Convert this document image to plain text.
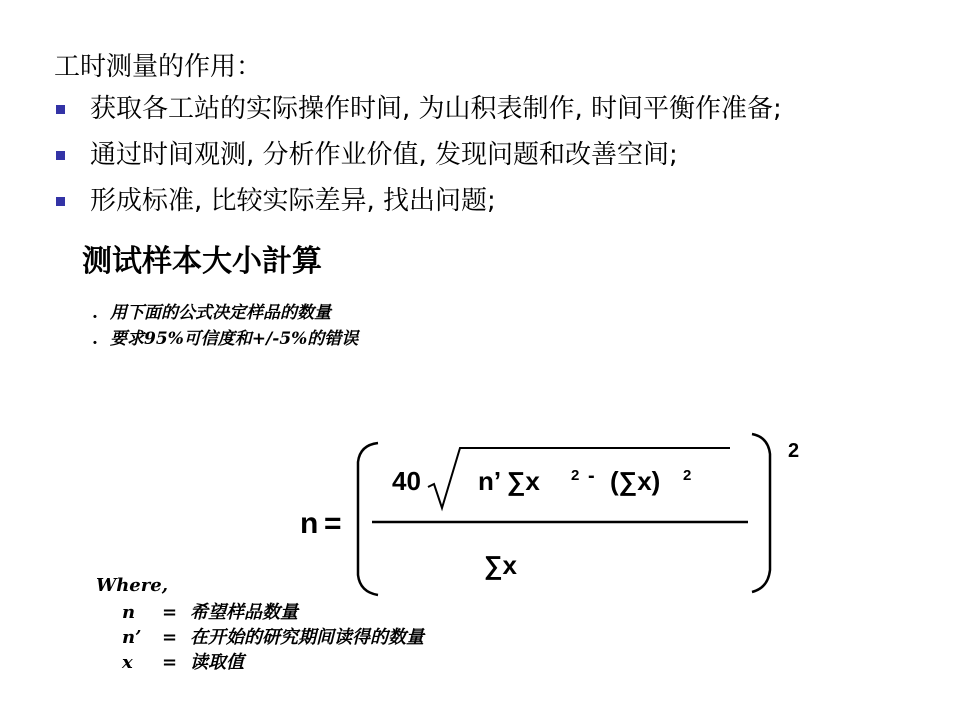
工时测量的作用：
获取各工站的实际操作时间, 为山积表制作, 时间平衡作准备;
通过时间观测, 分析作业价值, 发现问题和改善空间;
形成标准, 比较实际差异, 找出问题;
测试样本大小計算
. 用下面的公式决定样品的数量
. 要求95%可信度和+/-5%的错误
n =
40 n’ ∑x 2 - (∑x) 2
∑x
2
Where,
n = 希望样品数量
n’ = 在开始的研究期间读得的数量
x = 读取值
